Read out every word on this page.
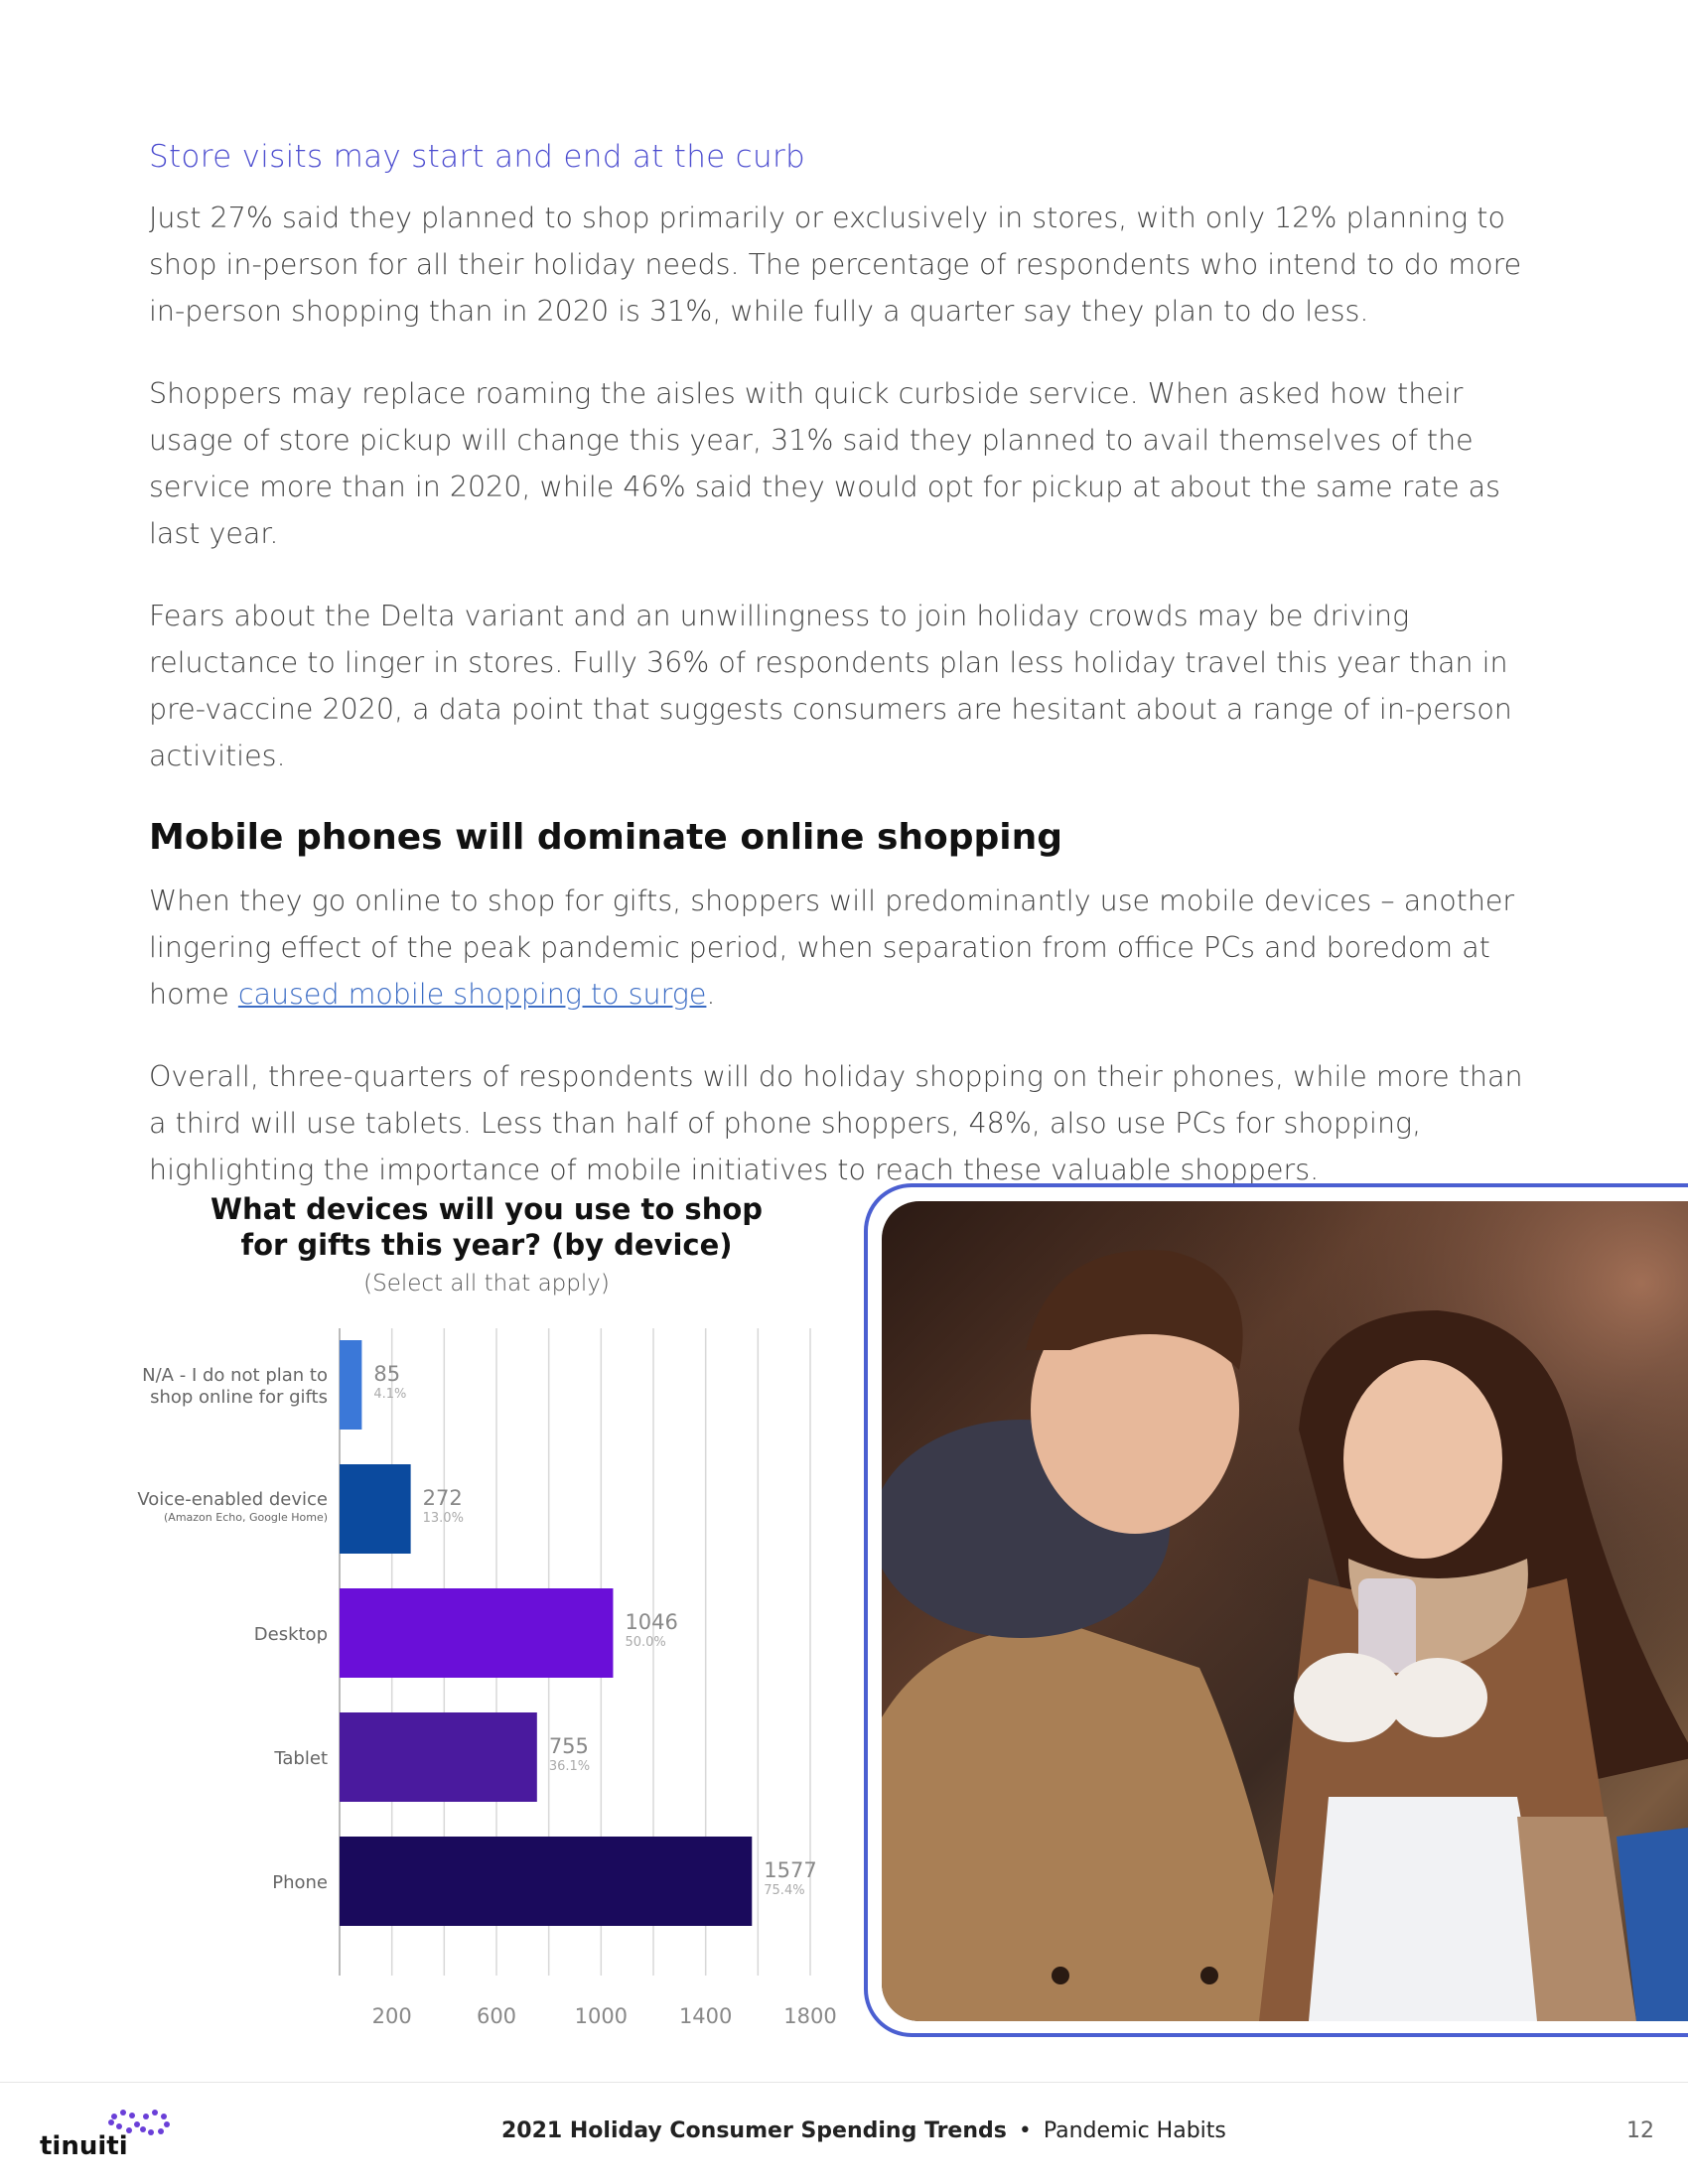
Store visits may start and end at the curb

Just 27% said they planned to shop primarily or exclusively in stores, with only 12% planning to shop in-person for all their holiday needs. The percentage of respondents who intend to do more in-person shopping than in 2020 is 31%, while fully a quarter say they plan to do less.

Shoppers may replace roaming the aisles with quick curbside service. When asked how their usage of store pickup will change this year, 31% said they planned to avail themselves of the service more than in 2020, while 46% said they would opt for pickup at about the same rate as last year.

Fears about the Delta variant and an unwillingness to join holiday crowds may be driving reluctance to linger in stores. Fully 36% of respondents plan less holiday travel this year than in pre-vaccine 2020, a data point that suggests consumers are hesitant about a range of in-person activities.

Mobile phones will dominate online shopping

When they go online to shop for gifts, shoppers will predominantly use mobile devices – another lingering effect of the peak pandemic period, when separation from office PCs and boredom at home caused mobile shopping to surge.

Overall, three-quarters of respondents will do holiday shopping on their phones, while more than a third will use tablets. Less than half of phone shoppers, 48%, also use PCs for shopping, highlighting the importance of mobile initiatives to reach these valuable shoppers.

What devices will you use to shop for gifts this year? (by device)
(Select all that apply)
200	600	1000 1400 1800
N/A - I do not plan to
shop online for gifts
85
4.1%
Voice-enabled device
(Amazon Echo, Google Home)
272
13.0%
Desktop
1046
50.0%
Tablet
755
36.1%
Phone
1577
75.4%
tinuiti
2021 Holiday Consumer Spending Trends • Pandemic Habits	12
